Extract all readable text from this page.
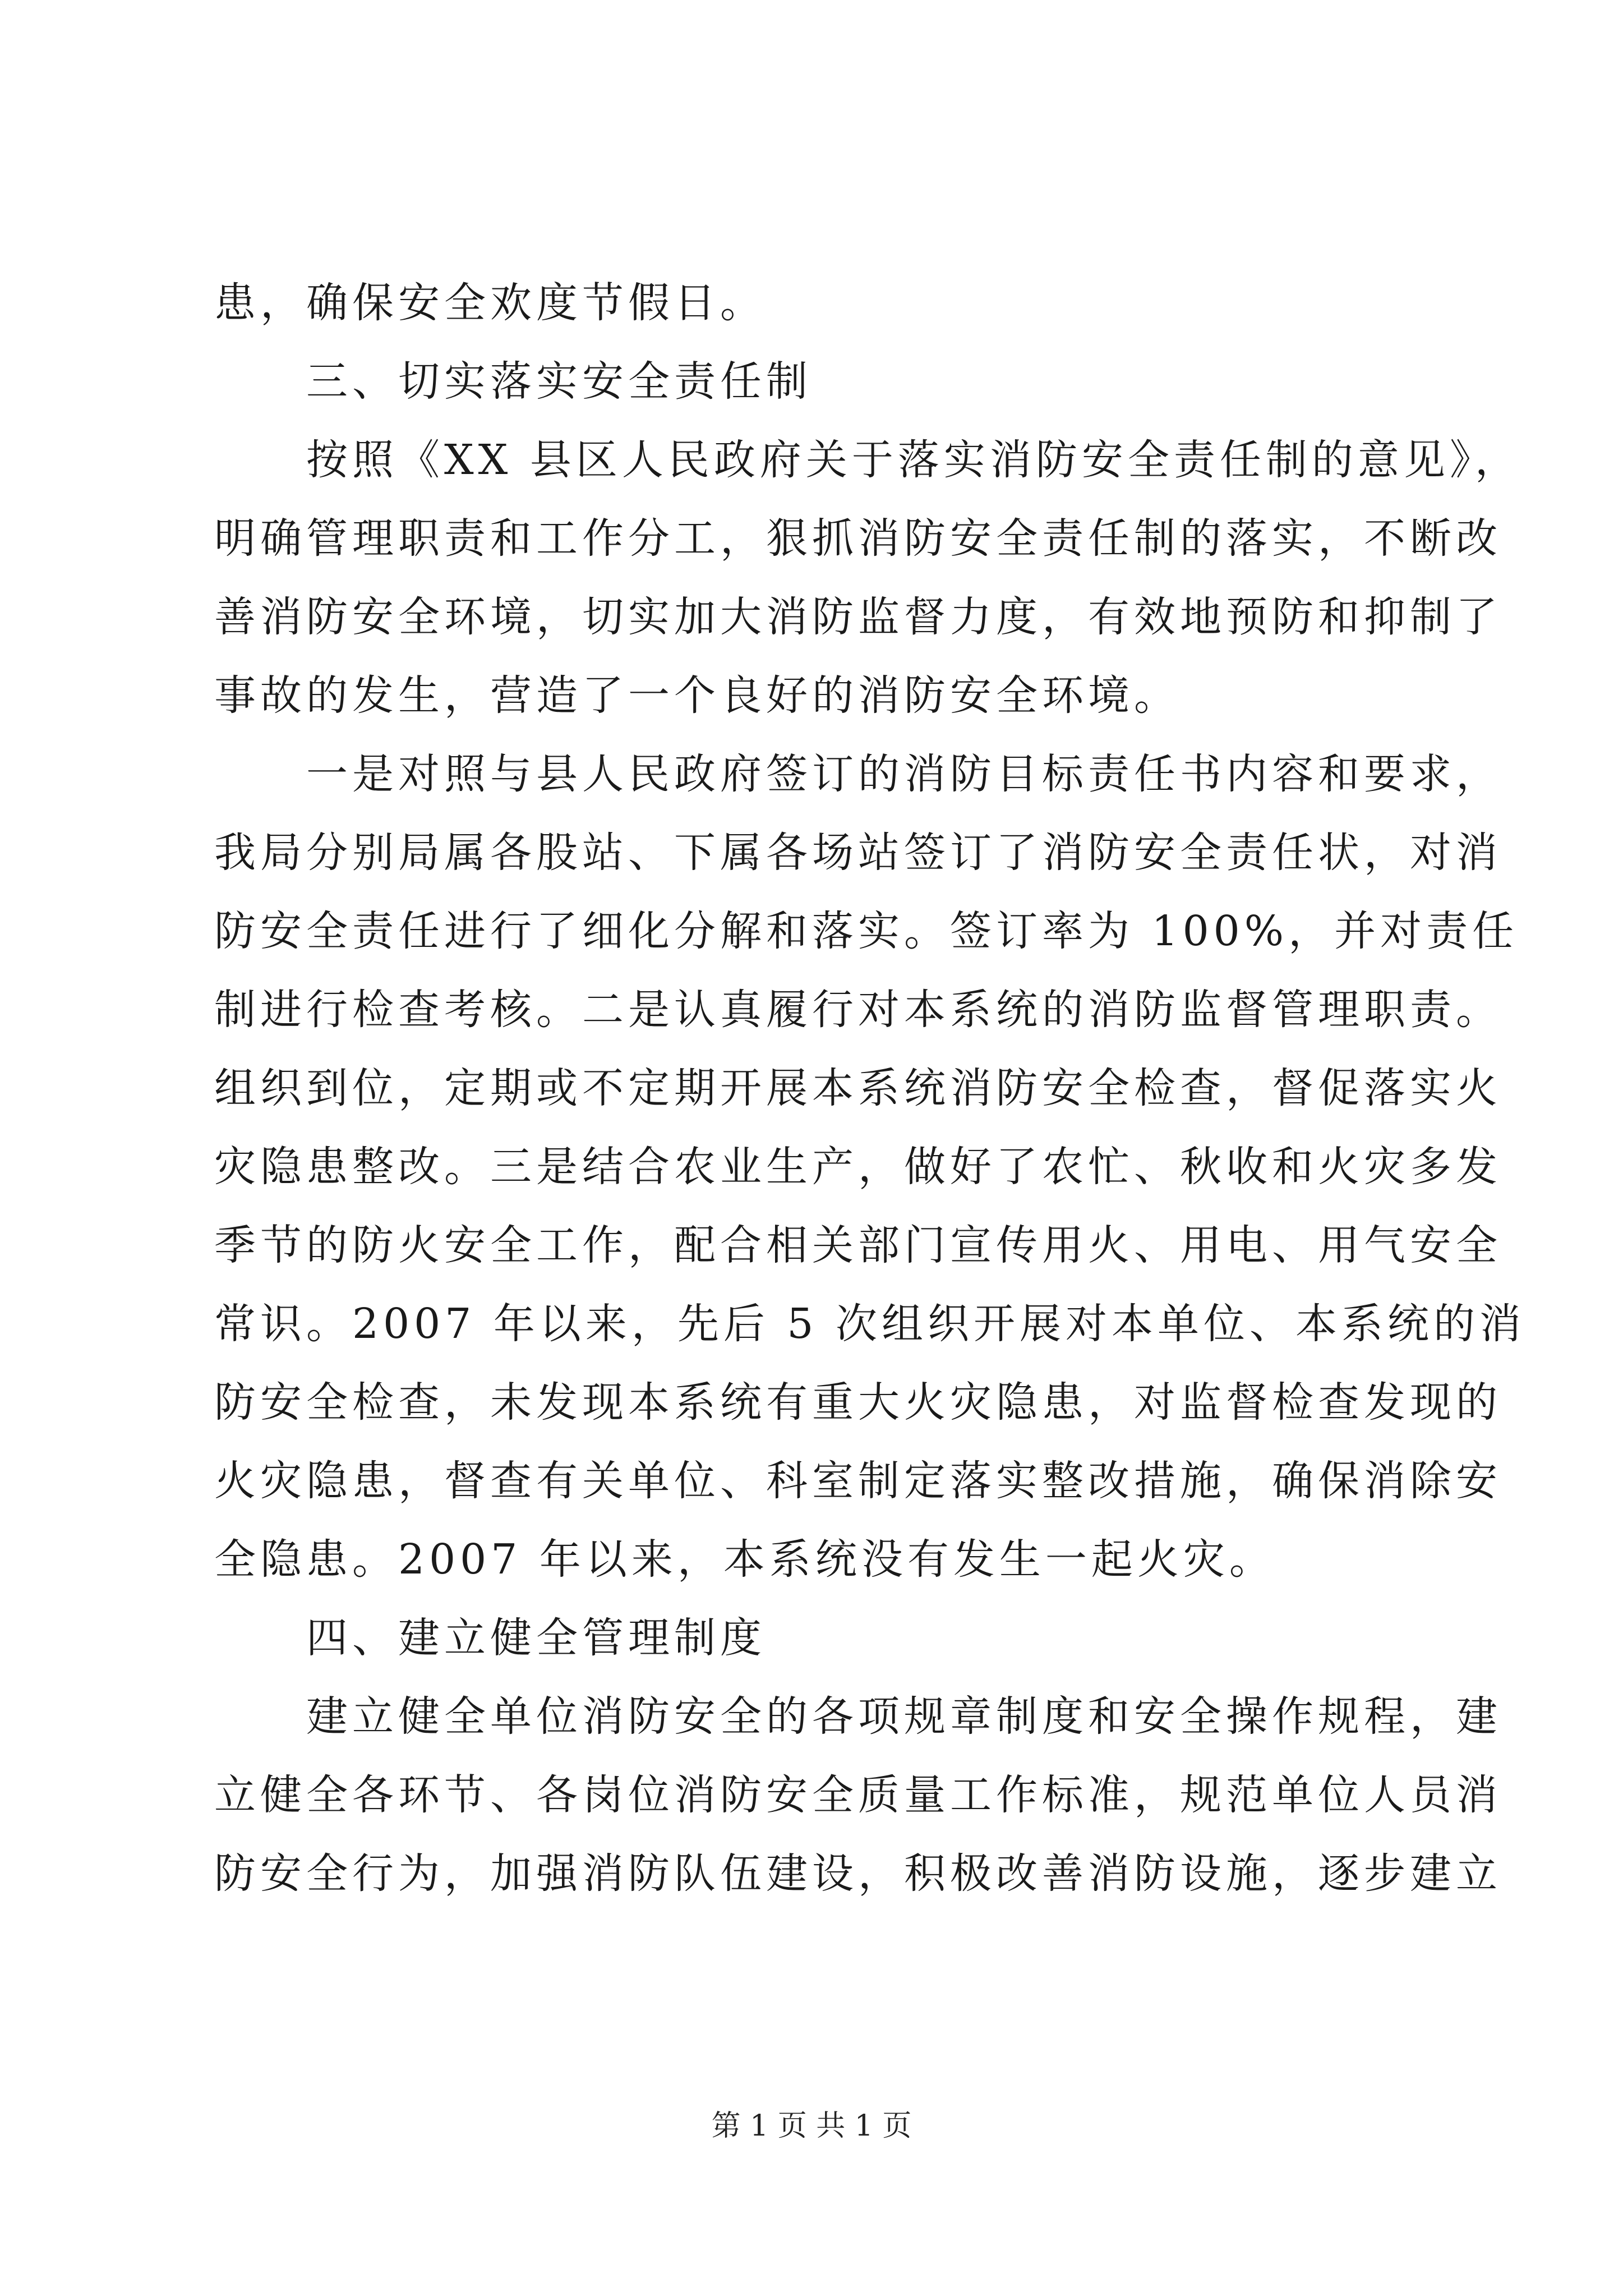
患，确保安全欢度节假日。
三、切实落实安全责任制
按照《XX 县区人民政府关于落实消防安全责任制的意见》，
明确管理职责和工作分工，狠抓消防安全责任制的落实，不断改
善消防安全环境，切实加大消防监督力度，有效地预防和抑制了
事故的发生，营造了一个良好的消防安全环境。
一是对照与县人民政府签订的消防目标责任书内容和要求，
我局分别局属各股站、下属各场站签订了消防安全责任状，对消
防安全责任进行了细化分解和落实。签订率为 100%，并对责任
制进行检查考核。二是认真履行对本系统的消防监督管理职责。
组织到位，定期或不定期开展本系统消防安全检查，督促落实火
灾隐患整改。三是结合农业生产，做好了农忙、秋收和火灾多发
季节的防火安全工作，配合相关部门宣传用火、用电、用气安全
常识。2007 年以来，先后 5 次组织开展对本单位、本系统的消
防安全检查，未发现本系统有重大火灾隐患，对监督检查发现的
火灾隐患，督查有关单位、科室制定落实整改措施，确保消除安
全隐患。2007 年以来，本系统没有发生一起火灾。
四、建立健全管理制度
建立健全单位消防安全的各项规章制度和安全操作规程，建
立健全各环节、各岗位消防安全质量工作标准，规范单位人员消
防安全行为，加强消防队伍建设，积极改善消防设施，逐步建立
第 1 页 共 1 页
